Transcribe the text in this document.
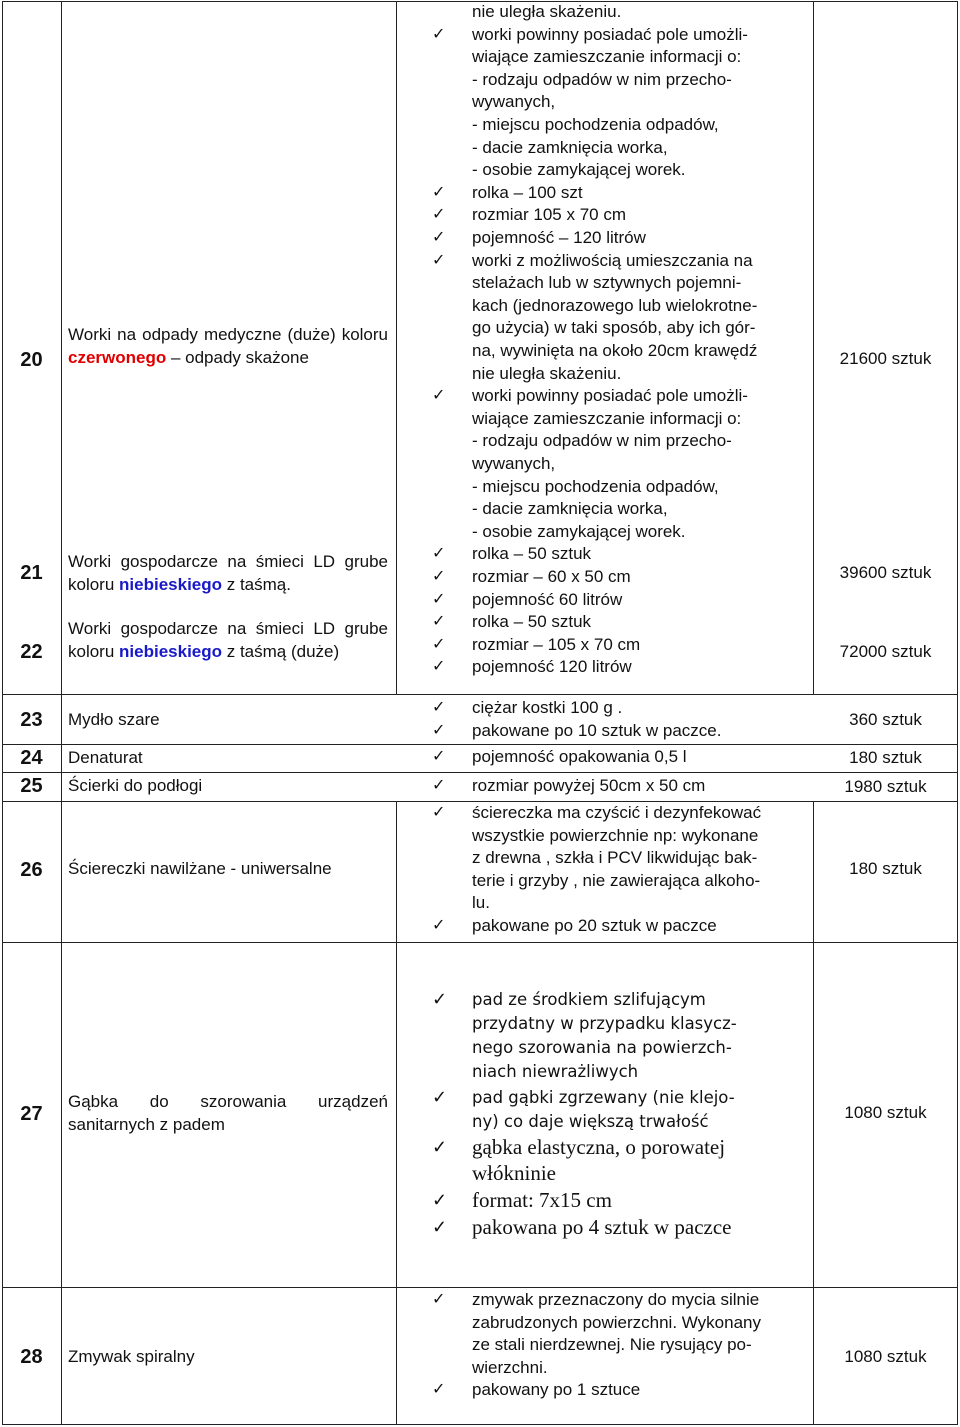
20
21
22
23
24
25
26
27
28
Worki na odpady medyczne (duże) koloru czerwonego – odpady skażone
Worki gospodarcze na śmieci LD grube koloru niebieskiego z taśmą.
Worki gospodarcze na śmieci LD grube koloru niebieskiego z taśmą (duże)
Mydło szare
Denaturat
Ścierki do podłogi
Ściereczki nawilżane - uniwersalne
Gąbka do szorowania urządzeń sanitarnych z padem
Zmywak spiralny
21600 sztuk
39600 sztuk
72000 sztuk
360 sztuk
180 sztuk
1980 sztuk
180 sztuk
1080 sztuk
1080 sztuk
nie uległa skażeniu.
✓
worki powinny posiadać pole umożli-
wiające zamieszczanie informacji o:
- rodzaju odpadów w nim przecho-
wywanych,
- miejscu pochodzenia odpadów,
- dacie zamknięcia worka,
- osobie zamykającej worek.
✓
rolka – 100 szt
✓
rozmiar 105 x 70 cm
✓
pojemność – 120 litrów
✓
worki z możliwością umieszczania na
stelażach lub w sztywnych pojemni-
kach (jednorazowego lub wielokrotne-
go użycia) w taki sposób, aby ich gór-
na, wywinięta na około 20cm krawędź
nie uległa skażeniu.
✓
worki powinny posiadać pole umożli-
wiające zamieszczanie informacji o:
- rodzaju odpadów w nim przecho-
wywanych,
- miejscu pochodzenia odpadów,
- dacie zamknięcia worka,
- osobie zamykającej worek.
✓
rolka – 50 sztuk
✓
rozmiar – 60 x 50 cm
✓
pojemność 60 litrów
✓
rolka – 50 sztuk
✓
rozmiar – 105 x 70 cm
✓
pojemność 120 litrów
✓
ciężar kostki 100 g .
✓
pakowane po 10 sztuk w paczce.
✓
pojemność opakowania 0,5 l
✓
rozmiar powyżej 50cm x 50 cm
✓
ściereczka ma czyścić i dezynfekować
wszystkie powierzchnie np: wykonane
z drewna , szkła i PCV likwidując bak-
terie i grzyby , nie zawierająca alkoho-
lu.
✓
pakowane po 20 sztuk w paczce
✓
pad ze środkiem szlifującym
przydatny w przypadku klasycz-
nego szorowania na powierzch-
niach niewrażliwych
✓
pad gąbki zgrzewany (nie klejo-
ny) co daje większą trwałość
✓
gąbka elastyczna, o porowatej
włókninie
✓
format: 7x15 cm
✓
pakowana po 4 sztuk w paczce
✓
zmywak przeznaczony do mycia silnie
zabrudzonych powierzchni. Wykonany
ze stali nierdzewnej. Nie rysujący po-
wierzchni.
✓
pakowany po 1 sztuce
